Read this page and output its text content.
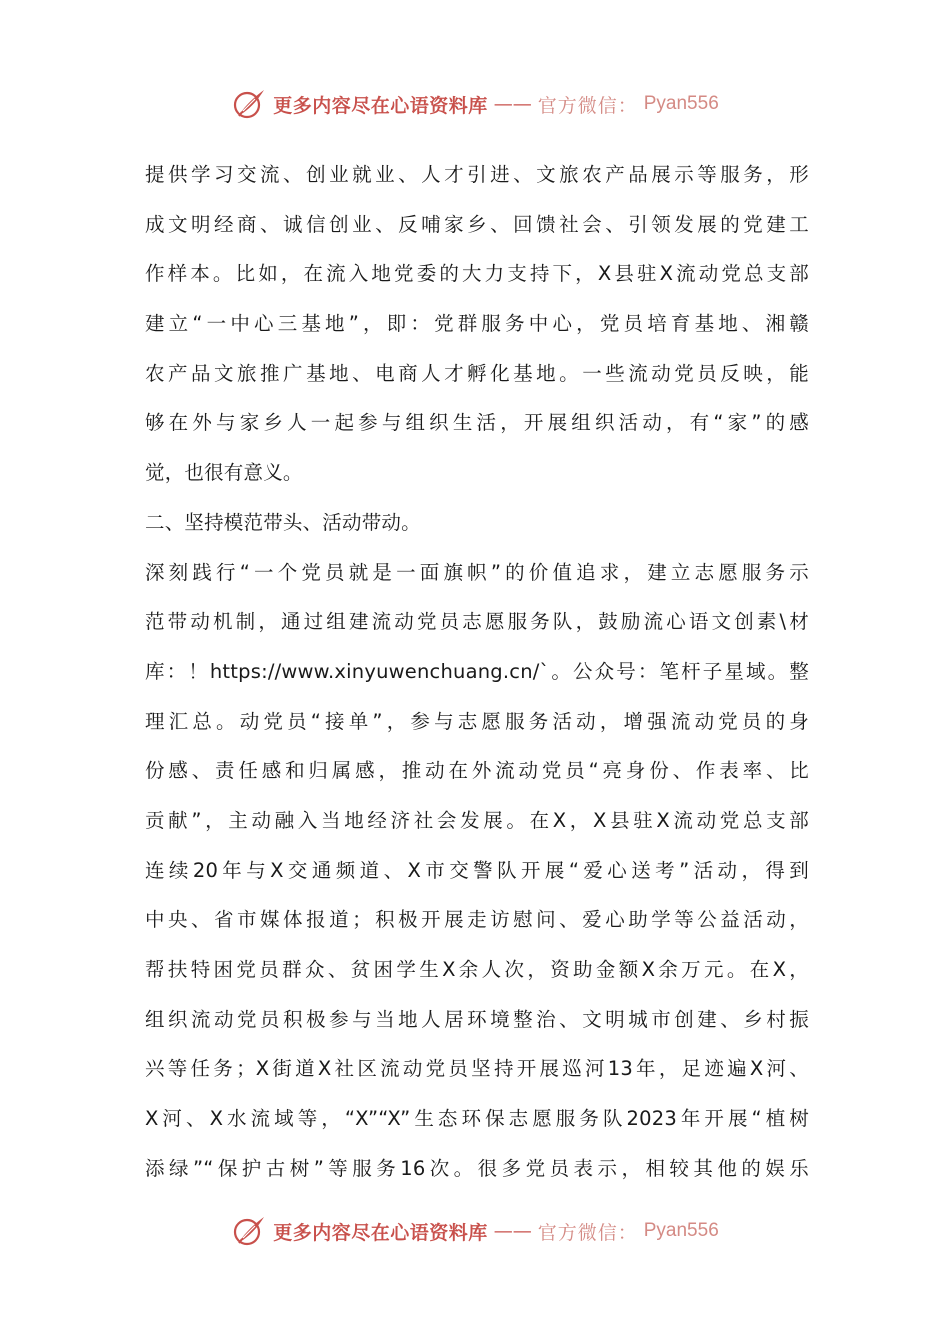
更多内容尽在心语资料库 —— 官方微信： Pyan556
提供学习交流、创业就业、人才引进、文旅农产品展示等服务，形
成文明经商、诚信创业、反哺家乡、回馈社会、引领发展的党建工
作样本。比如，在流入地党委的大力支持下，X县驻X流动党总支部
建立“一中心三基地”，即：党群服务中心，党员培育基地、湘赣
农产品文旅推广基地、电商人才孵化基地。一些流动党员反映，能
够在外与家乡人一起参与组织生活，开展组织活动，有“家”的感
觉，也很有意义。
二、坚持模范带头、活动带动。
深刻践行“一个党员就是一面旗帜”的价值追求，建立志愿服务示
范带动机制，通过组建流动党员志愿服务队，鼓励流心语文创素\材
库：！https://www.xinyuwenchuang.cn/`。公众号：笔杆子星域。整
理汇总。动党员“接单”，参与志愿服务活动，增强流动党员的身
份感、责任感和归属感，推动在外流动党员“亮身份、作表率、比
贡献”，主动融入当地经济社会发展。在X，X县驻X流动党总支部
连续20年与X交通频道、X市交警队开展“爱心送考”活动，得到
中央、省市媒体报道；积极开展走访慰问、爱心助学等公益活动，
帮扶特困党员群众、贫困学生X余人次，资助金额X余万元。在X，
组织流动党员积极参与当地人居环境整治、文明城市创建、乡村振
兴等任务；X街道X社区流动党员坚持开展巡河13年，足迹遍X河、
X河、X水流域等，“X”“X”生态环保志愿服务队2023年开展“植树
添绿”“保护古树”等服务16次。很多党员表示，相较其他的娱乐
更多内容尽在心语资料库 —— 官方微信： Pyan556
